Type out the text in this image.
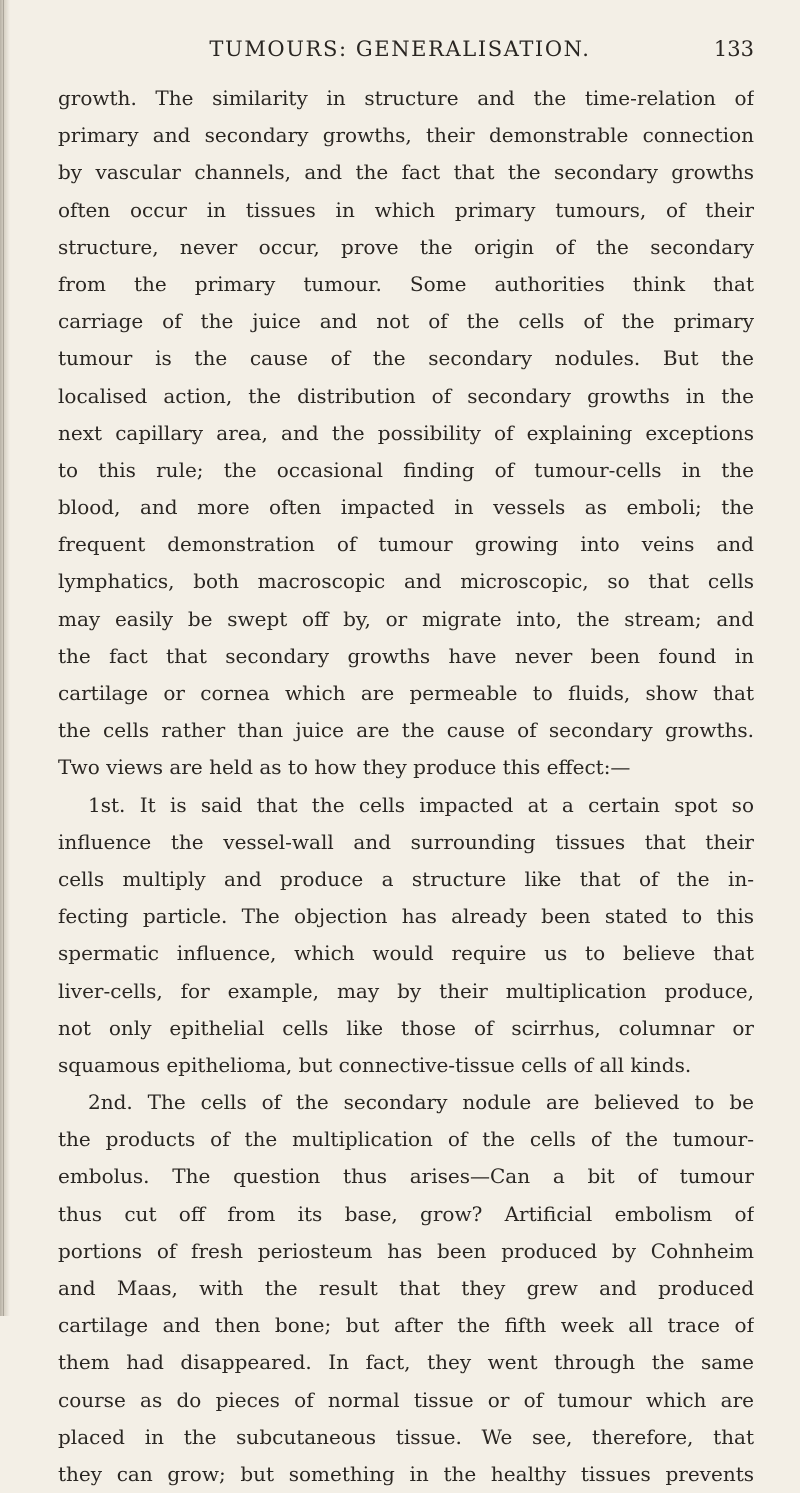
TUMOURS: GENERALISATION.	133
growth. The similarity in structure and the time-relation of
primary and secondary growths, their demonstrable connection
by vascular channels, and the fact that the secondary growths
often occur in tissues in which primary tumours, of their
structure, never occur, prove the origin of the secondary
from the primary tumour. Some authorities think that
carriage of the juice and not of the cells of the primary
tumour is the cause of the secondary nodules. But the
localised action, the distribution of secondary growths in the
next capillary area, and the possibility of explaining exceptions
to this rule; the occasional finding of tumour-cells in the
blood, and more often impacted in vessels as emboli; the
frequent demonstration of tumour growing into veins and
lymphatics, both macroscopic and microscopic, so that cells
may easily be swept off by, or migrate into, the stream; and
the fact that secondary growths have never been found in
cartilage or cornea which are permeable to fluids, show that
the cells rather than juice are the cause of secondary growths.
Two views are held as to how they produce this effect:—
1st. It is said that the cells impacted at a certain spot so
influence the vessel-wall and surrounding tissues that their
cells multiply and produce a structure like that of the in-
fecting particle. The objection has already been stated to this
spermatic influence, which would require us to believe that
liver-cells, for example, may by their multiplication produce,
not only epithelial cells like those of scirrhus, columnar or
squamous epithelioma, but connective-tissue cells of all kinds.
2nd. The cells of the secondary nodule are believed to be
the products of the multiplication of the cells of the tumour-
embolus. The question thus arises—Can a bit of tumour
thus cut off from its base, grow? Artificial embolism of
portions of fresh periosteum has been produced by Cohnheim
and Maas, with the result that they grew and produced
cartilage and then bone; but after the fifth week all trace of
them had disappeared. In fact, they went through the same
course as do pieces of normal tissue or of tumour which are
placed in the subcutaneous tissue. We see, therefore, that
they can grow; but something in the healthy tissues prevents
